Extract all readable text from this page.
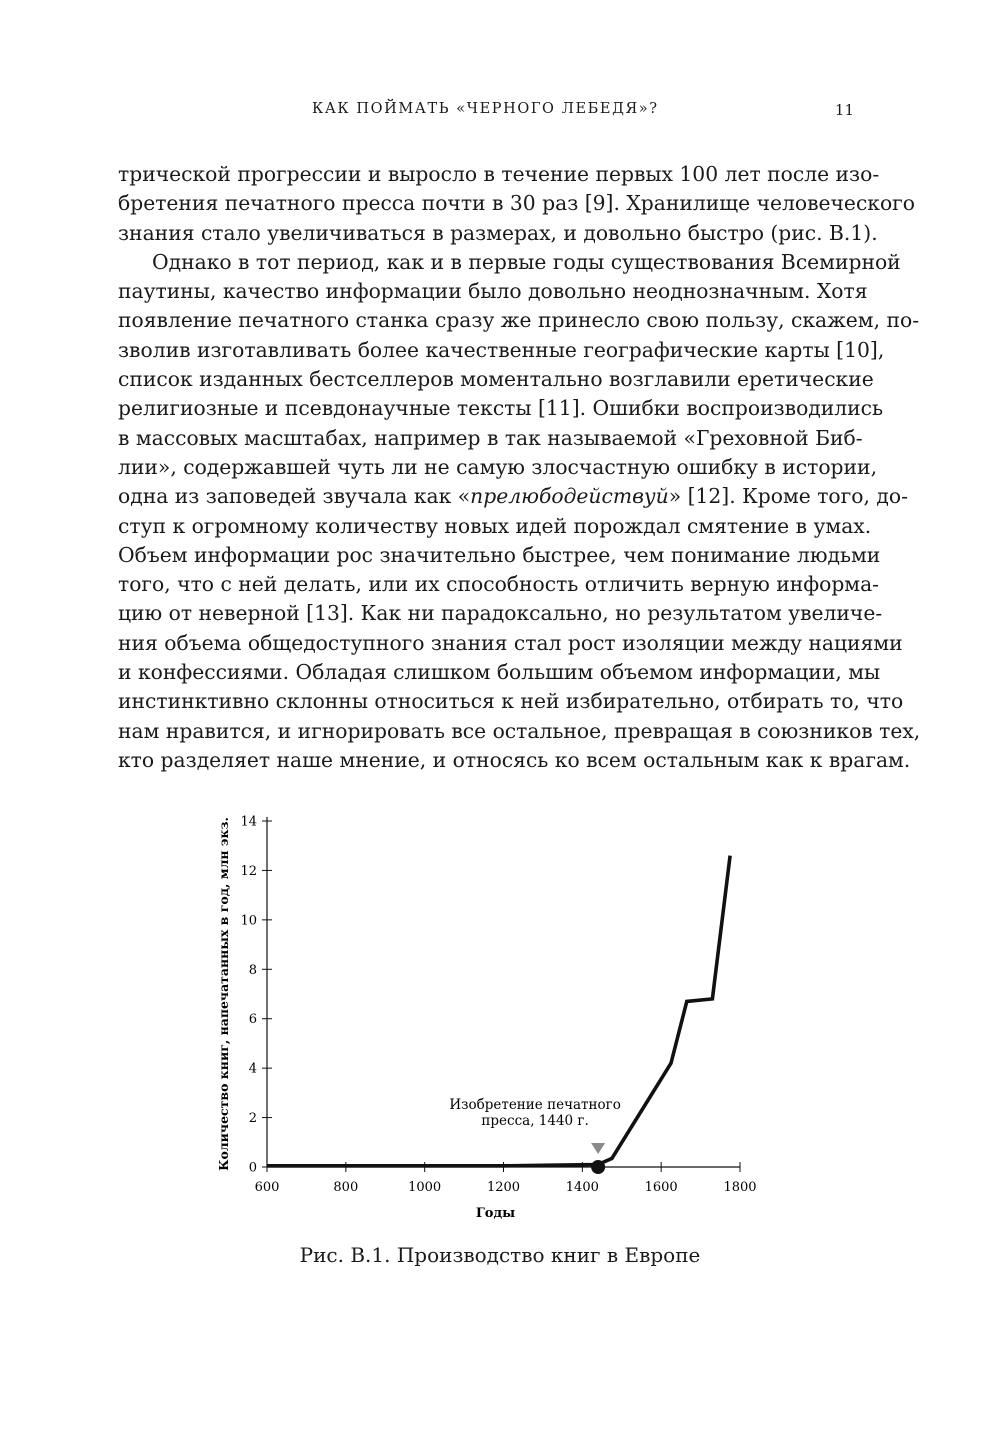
КАК ПОЙМАТЬ «ЧЕРНОГО ЛЕБЕДЯ»?	11
трической прогрессии и выросло в течение первых 100 лет после изо-
бретения печатного пресса почти в 30 раз [9]. Хранилище человеческого
знания стало увеличиваться в размерах, и довольно быстро (рис. В.1).
Однако в тот период, как и в первые годы существования Всемирной
паутины, качество информации было довольно неоднозначным. Хотя
появление печатного станка сразу же принесло свою пользу, скажем, по-
зволив изготавливать более качественные географические карты [10],
список изданных бестселлеров моментально возглавили еретические
религиозные и псевдонаучные тексты [11]. Ошибки воспроизводились
в массовых масштабах, например в так называемой «Греховной Биб-
лии», содержавшей чуть ли не самую злосчастную ошибку в истории,
одна из заповедей звучала как «прелюбодействуй» [12]. Кроме того, до-
ступ к огромному количеству новых идей порождал смятение в умах.
Объем информации рос значительно быстрее, чем понимание людьми
того, что с ней делать, или их способность отличить верную информа-
цию от неверной [13]. Как ни парадоксально, но результатом увеличе-
ния объема общедоступного знания стал рост изоляции между нациями
и конфессиями. Обладая слишком большим объемом информации, мы
инстинктивно склонны относиться к ней избирательно, отбирать то, что
нам нравится, и игнорировать все остальное, превращая в союзников тех,
кто разделяет наше мнение, и относясь ко всем остальным как к врагам.
0
2
4
6
8
10
12
14
600	800	1000	1200	1400	1600	1800
Изобретение печатного пресса, 1440 г.
Количество книг, напечатанных в год, млн экз.
Годы
Рис. В.1. Производство книг в Европе
